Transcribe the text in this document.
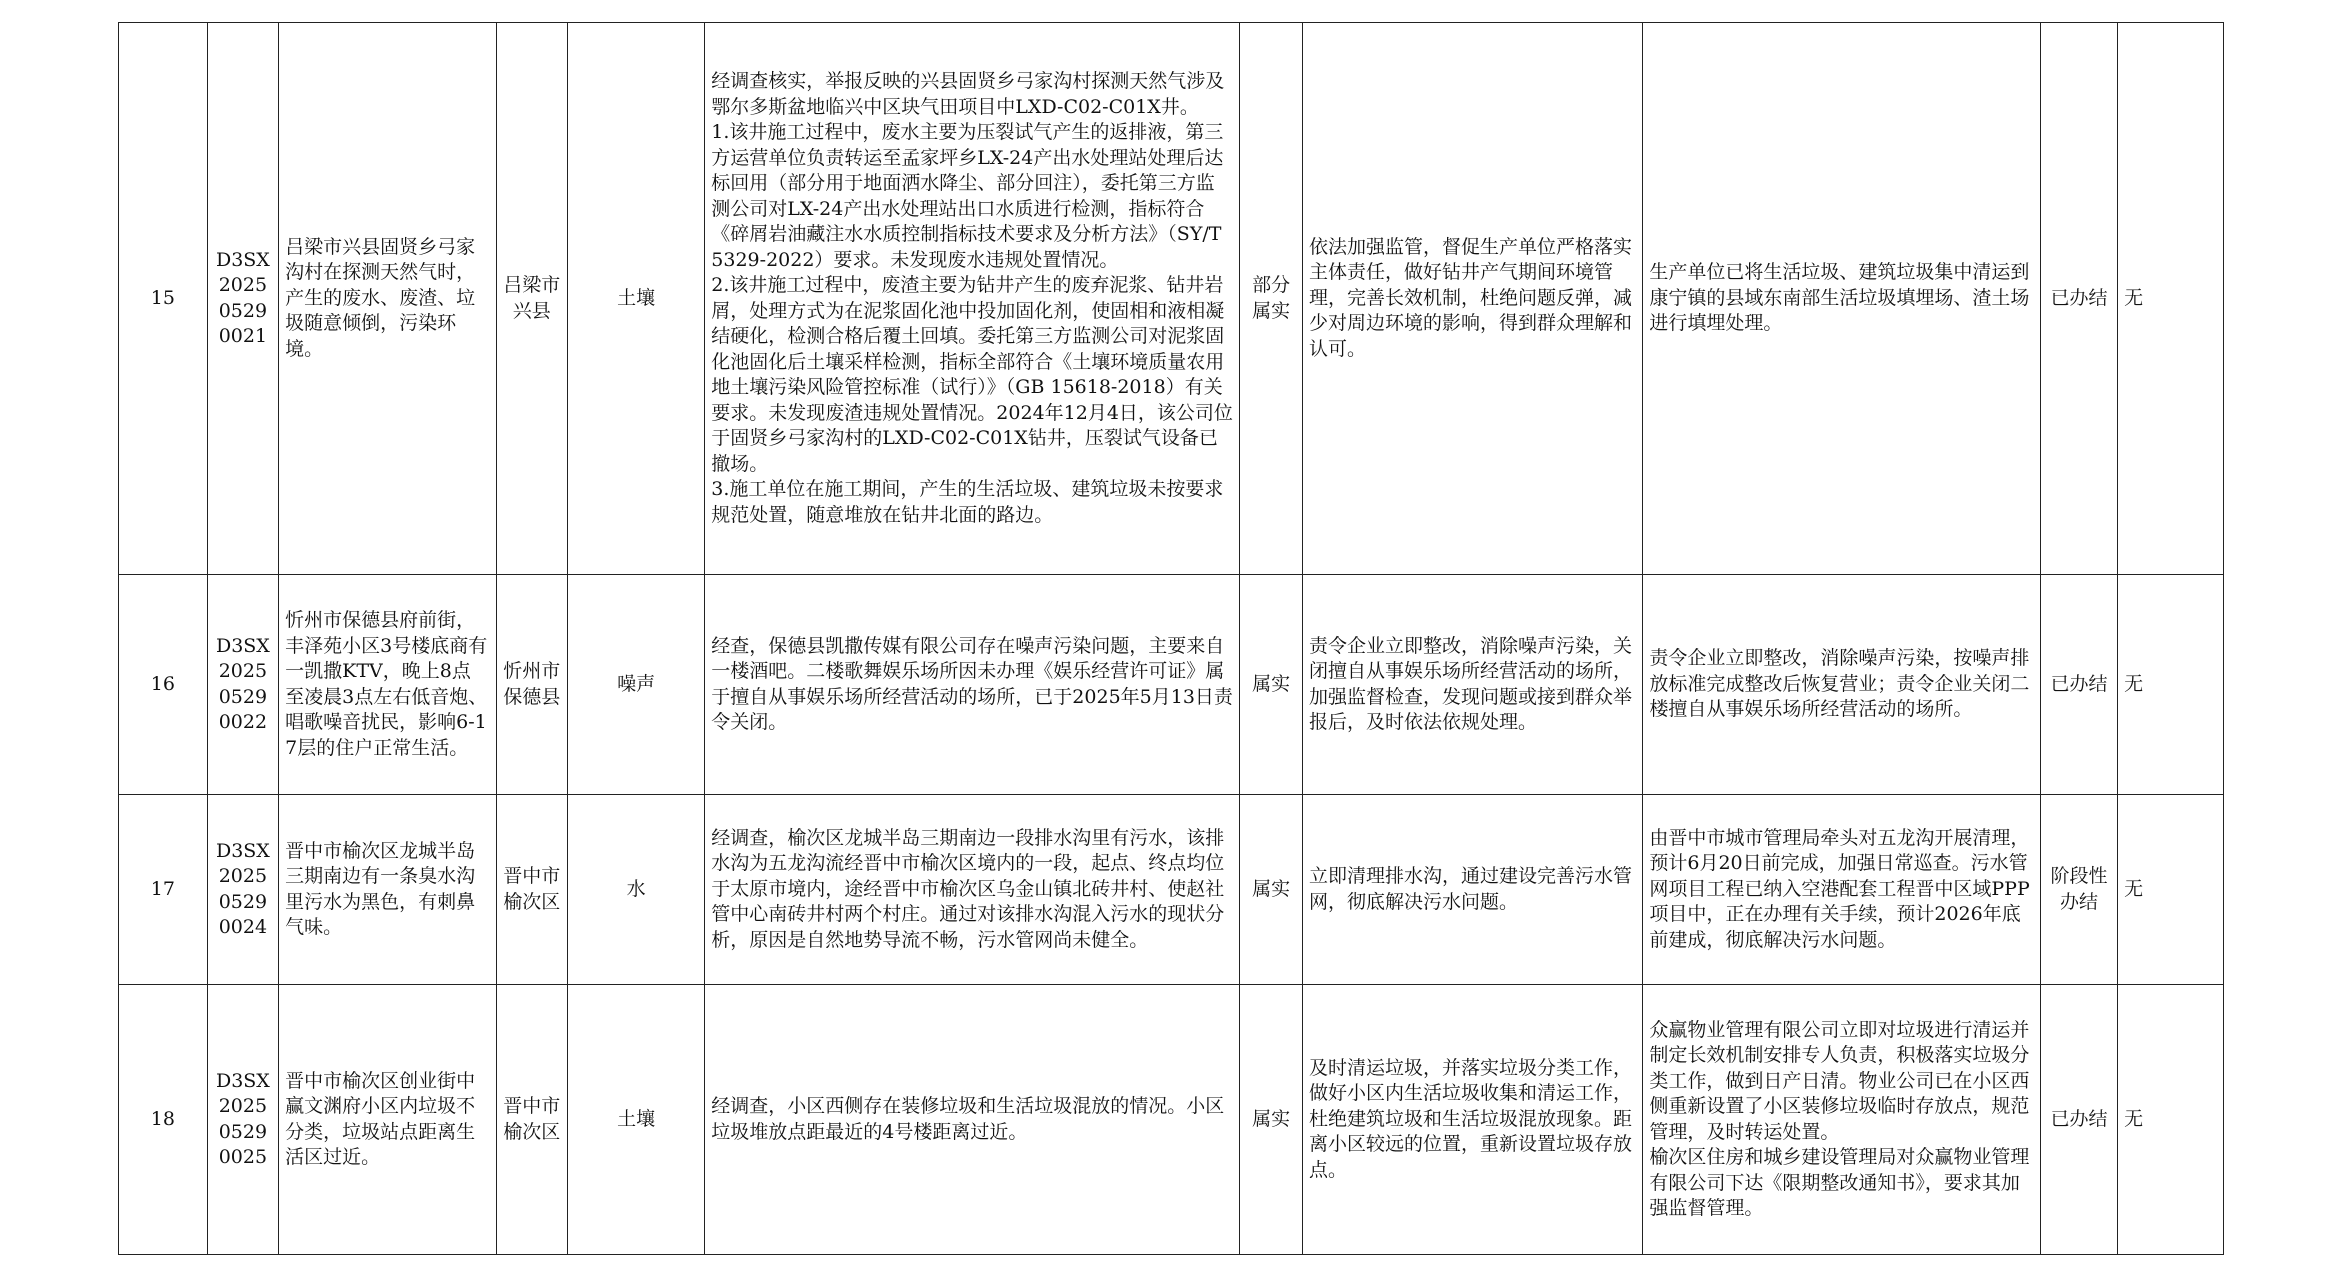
15	D3SX202505290021	吕梁市兴县固贤乡弓家沟村在探测天然气时，产生的废水、废渣、垃圾随意倾倒，污染环境。	吕梁市兴县	土壤	经调查核实，举报反映的兴县固贤乡弓家沟村探测天然气涉及鄂尔多斯盆地临兴中区块气田项目中LXD-C02-C01X井。
1.该井施工过程中，废水主要为压裂试气产生的返排液，第三方运营单位负责转运至孟家坪乡LX-24产出水处理站处理后达标回用（部分用于地面洒水降尘、部分回注），委托第三方监测公司对LX-24产出水处理站出口水质进行检测，指标符合《碎屑岩油藏注水水质控制指标技术要求及分析方法》（SY/T5329-2022）要求。未发现废水违规处置情况。
2.该井施工过程中，废渣主要为钻井产生的废弃泥浆、钻井岩屑，处理方式为在泥浆固化池中投加固化剂，使固相和液相凝结硬化，检测合格后覆土回填。委托第三方监测公司对泥浆固化池固化后土壤采样检测，指标全部符合《土壤环境质量农用地土壤污染风险管控标准（试行）》（GB 15618-2018）有关要求。未发现废渣违规处置情况。2024年12月4日，该公司位于固贤乡弓家沟村的LXD-C02-C01X钻井，压裂试气设备已撤场。
3.施工单位在施工期间，产生的生活垃圾、建筑垃圾未按要求规范处置，随意堆放在钻井北面的路边。	部分属实	依法加强监管，督促生产单位严格落实主体责任，做好钻井产气期间环境管理，完善长效机制，杜绝问题反弹，减少对周边环境的影响，得到群众理解和认可。	生产单位已将生活垃圾、建筑垃圾集中清运到康宁镇的县域东南部生活垃圾填埋场、渣土场进行填埋处理。	已办结	无
16	D3SX202505290022	忻州市保德县府前街，丰泽苑小区3号楼底商有一凯撒KTV，晚上8点至凌晨3点左右低音炮、唱歌噪音扰民，影响6-17层的住户正常生活。	忻州市保德县	噪声	经查，保德县凯撒传媒有限公司存在噪声污染问题，主要来自一楼酒吧。二楼歌舞娱乐场所因未办理《娱乐经营许可证》属于擅自从事娱乐场所经营活动的场所，已于2025年5月13日责令关闭。	属实	责令企业立即整改，消除噪声污染，关闭擅自从事娱乐场所经营活动的场所，加强监督检查，发现问题或接到群众举报后，及时依法依规处理。	责令企业立即整改，消除噪声污染，按噪声排放标准完成整改后恢复营业；责令企业关闭二楼擅自从事娱乐场所经营活动的场所。	已办结	无
17	D3SX202505290024	晋中市榆次区龙城半岛三期南边有一条臭水沟里污水为黑色，有刺鼻气味。	晋中市榆次区	水	经调查，榆次区龙城半岛三期南边一段排水沟里有污水，该排水沟为五龙沟流经晋中市榆次区境内的一段，起点、终点均位于太原市境内，途经晋中市榆次区乌金山镇北砖井村、使赵社管中心南砖井村两个村庄。通过对该排水沟混入污水的现状分析，原因是自然地势导流不畅，污水管网尚未健全。	属实	立即清理排水沟，通过建设完善污水管网，彻底解决污水问题。	由晋中市城市管理局牵头对五龙沟开展清理，预计6月20日前完成，加强日常巡查。污水管网项目工程已纳入空港配套工程晋中区域PPP项目中，正在办理有关手续，预计2026年底前建成，彻底解决污水问题。	阶段性办结	无
18	D3SX202505290025	晋中市榆次区创业街中赢文渊府小区内垃圾不分类，垃圾站点距离生活区过近。	晋中市榆次区	土壤	经调查，小区西侧存在装修垃圾和生活垃圾混放的情况。小区垃圾堆放点距最近的4号楼距离过近。	属实	及时清运垃圾，并落实垃圾分类工作，做好小区内生活垃圾收集和清运工作，杜绝建筑垃圾和生活垃圾混放现象。距离小区较远的位置，重新设置垃圾存放点。	众赢物业管理有限公司立即对垃圾进行清运并制定长效机制安排专人负责，积极落实垃圾分类工作，做到日产日清。物业公司已在小区西侧重新设置了小区装修垃圾临时存放点，规范管理，及时转运处置。
榆次区住房和城乡建设管理局对众赢物业管理有限公司下达《限期整改通知书》，要求其加强监督管理。	已办结	无
